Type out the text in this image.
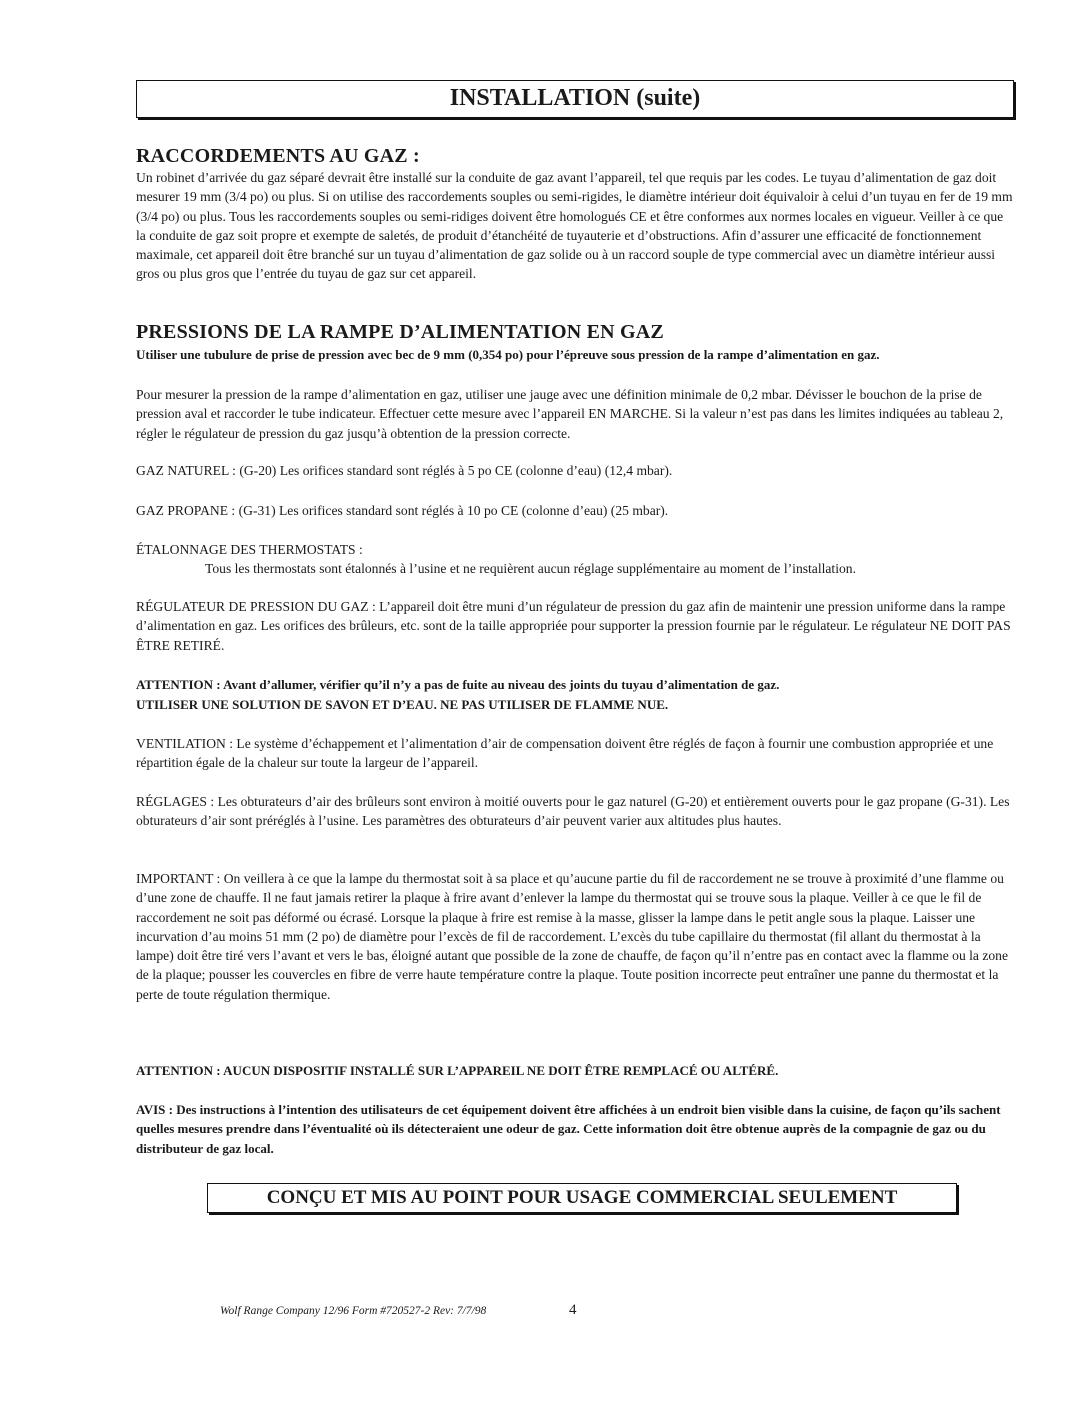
INSTALLATION (suite)
RACCORDEMENTS AU GAZ :

Un robinet d’arrivée du gaz séparé devrait être installé sur la conduite de gaz avant l’appareil, tel que requis par les codes. Le tuyau d’alimentation de gaz doit mesurer 19 mm (3/4 po) ou plus. Si on utilise des raccordements souples ou semi-rigides, le diamètre intérieur doit équivaloir à celui d’un tuyau en fer de 19 mm (3/4 po) ou plus. Tous les raccordements souples ou semi-ridiges doivent être homologués CE et être conformes aux normes locales en vigueur. Veiller à ce que la conduite de gaz soit propre et exempte de saletés, de produit d’étanchéité de tuyauterie et d’obstructions. Afin d’assurer une efficacité de fonctionnement maximale, cet appareil doit être branché sur un tuyau d’alimentation de gaz solide ou à un raccord souple de type commercial avec un diamètre intérieur aussi gros ou plus gros que l’entrée du tuyau de gaz sur cet appareil.

PRESSIONS DE LA RAMPE D’ALIMENTATION EN GAZ

Utiliser une tubulure de prise de pression avec bec de 9 mm (0,354 po) pour l’épreuve sous pression de la rampe d’alimentation en gaz.

Pour mesurer la pression de la rampe d’alimentation en gaz, utiliser une jauge avec une définition minimale de 0,2 mbar. Dévisser le bouchon de la prise de pression aval et raccorder le tube indicateur. Effectuer cette mesure avec l’appareil EN MARCHE. Si la valeur n’est pas dans les limites indiquées au tableau 2, régler le régulateur de pression du gaz jusqu’à obtention de la pression correcte.

GAZ NATUREL : (G-20) Les orifices standard sont réglés à 5 po CE (colonne d’eau) (12,4 mbar).

GAZ PROPANE : (G-31) Les orifices standard sont réglés à 10 po CE (colonne d’eau) (25 mbar).

ÉTALONNAGE DES THERMOSTATS :

Tous les thermostats sont étalonnés à l’usine et ne requièrent aucun réglage supplémentaire au moment de l’installation.

RÉGULATEUR DE PRESSION DU GAZ : L’appareil doit être muni d’un régulateur de pression du gaz afin de maintenir une pression uniforme dans la rampe d’alimentation en gaz. Les orifices des brûleurs, etc. sont de la taille appropriée pour supporter la pression fournie par le régulateur. Le régulateur NE DOIT PAS ÊTRE RETIRÉ.

ATTENTION : Avant d’allumer, vérifier qu’il n’y a pas de fuite au niveau des joints du tuyau d’alimentation de gaz.

UTILISER UNE SOLUTION DE SAVON ET D’EAU. NE PAS UTILISER DE FLAMME NUE.

VENTILATION : Le système d’échappement et l’alimentation d’air de compensation doivent être réglés de façon à fournir une combustion appropriée et une répartition égale de la chaleur sur toute la largeur de l’appareil.

RÉGLAGES : Les obturateurs d’air des brûleurs sont environ à moitié ouverts pour le gaz naturel (G-20) et entièrement ouverts pour le gaz propane (G-31). Les obturateurs d’air sont préréglés à l’usine. Les paramètres des obturateurs d’air peuvent varier aux altitudes plus hautes.

IMPORTANT : On veillera à ce que la lampe du thermostat soit à sa place et qu’aucune partie du fil de raccordement ne se trouve à proximité d’une flamme ou d’une zone de chauffe. Il ne faut jamais retirer la plaque à frire avant d’enlever la lampe du thermostat qui se trouve sous la plaque. Veiller à ce que le fil de raccordement ne soit pas déformé ou écrasé. Lorsque la plaque à frire est remise à la masse, glisser la lampe dans le petit angle sous la plaque. Laisser une incurvation d’au moins 51 mm (2 po) de diamètre pour l’excès de fil de raccordement. L’excès du tube capillaire du thermostat (fil allant du thermostat à la lampe) doit être tiré vers l’avant et vers le bas, éloigné autant que possible de la zone de chauffe, de façon qu’il n’entre pas en contact avec la flamme ou la zone de la plaque; pousser les couvercles en fibre de verre haute température contre la plaque. Toute position incorrecte peut entraîner une panne du thermostat et la perte de toute régulation thermique.

ATTENTION : AUCUN DISPOSITIF INSTALLÉ SUR L’APPAREIL NE DOIT ÊTRE REMPLACÉ OU ALTÉRÉ.

AVIS : Des instructions à l’intention des utilisateurs de cet équipement doivent être affichées à un endroit bien visible dans la cuisine, de façon qu’ils sachent quelles mesures prendre dans l’éventualité où ils détecteraient une odeur de gaz. Cette information doit être obtenue auprès de la compagnie de gaz ou du distributeur de gaz local.

CONÇU ET MIS AU POINT POUR USAGE COMMERCIAL SEULEMENT
Wolf Range Company 12/96 Form #720527-2 Rev: 7/7/98	4
